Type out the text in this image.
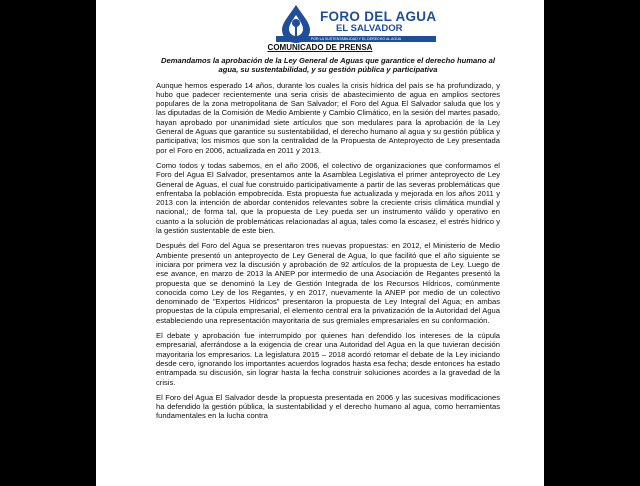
FORO DEL AGUA
EL SALVADOR
POR LA SUSTENTABILIDAD Y EL DERECHO AL AGUA
COMUNICADO DE PRENSA

Demandamos la aprobación de la Ley General de Aguas que garantice el derecho humano al agua, su sustentabilidad, y su gestión pública y participativa

Aunque hemos esperado 14 años, durante los cuales la crisis hídrica del país se ha profundizado, y hubo que padecer recientemente una seria crisis de abastecimiento de agua en amplios sectores populares de la zona metropolitana de San Salvador; el Foro del Agua El Salvador saluda que los y las diputadas de la Comisión de Medio Ambiente y Cambio Climático, en la sesión del martes pasado, hayan aprobado por unanimidad siete artículos que son medulares para la aprobación de la Ley General de Aguas que garantice su sustentabilidad, el derecho humano al agua y su gestión pública y participativa; los mismos que son la centralidad de la Propuesta de Anteproyecto de Ley presentada por el Foro en 2006, actualizada en 2011 y 2013.

Como todos y todas sabemos, en el año 2006, el colectivo de organizaciones que conformamos el Foro del Agua El Salvador, presentamos ante la Asamblea Legislativa el primer anteproyecto de Ley General de Aguas, el cual fue construido participativamente a partir de las severas problemáticas que enfrentaba la población empobrecida. Esta propuesta fue actualizada y mejorada en los años 2011 y 2013 con la intención de abordar contenidos relevantes sobre la creciente crisis climática mundial y nacional,; de forma tal, que la propuesta de Ley pueda ser un instrumento válido y operativo en cuanto a la solución de problemáticas relacionadas al agua, tales como la escasez, el estrés hídrico y la gestión sustentable de este bien.

Después del Foro del Agua se presentaron tres nuevas propuestas: en 2012, el Ministerio de Medio Ambiente presentó un anteproyecto de Ley General de Agua, lo que facilitó que el año siguiente se iniciara por primera vez la discusión y aprobación de 92 artículos de la propuesta de Ley. Luego de ese avance, en marzo de 2013 la ANEP por intermedio de una Asociación de Regantes presentó la propuesta que se denominó la Ley de Gestión Integrada de los Recursos Hídricos, comúnmente conocida como Ley de los Regantes, y en 2017, nuevamente la ANEP por medio de un colectivo denominado de "Expertos Hídricos" presentaron la propuesta de Ley Integral del Agua; en ambas propuestas de la cúpula empresarial, el elemento central era la privatización de la Autoridad del Agua estableciendo una representación mayoritaria de sus gremiales empresariales en su conformación.

El debate y aprobación fue interrumpido por quienes han defendido los intereses de la cúpula empresarial, aferrándose a la exigencia de crear una Autoridad del Agua en la que tuvieran decisión mayoritaria los empresarios. La legislatura 2015 – 2018 acordó retomar el debate de la Ley iniciando desde cero, ignorando los importantes acuerdos logrados hasta esa fecha; desde entonces ha estado entrampada su discusión, sin lograr hasta la fecha construir soluciones acordes a la gravedad de la crisis.

El Foro del Agua El Salvador desde la propuesta presentada en 2006 y las sucesivas modificaciones ha defendido la gestión pública, la sustentabilidad y el derecho humano al agua, como herramientas fundamentales en la lucha contra
